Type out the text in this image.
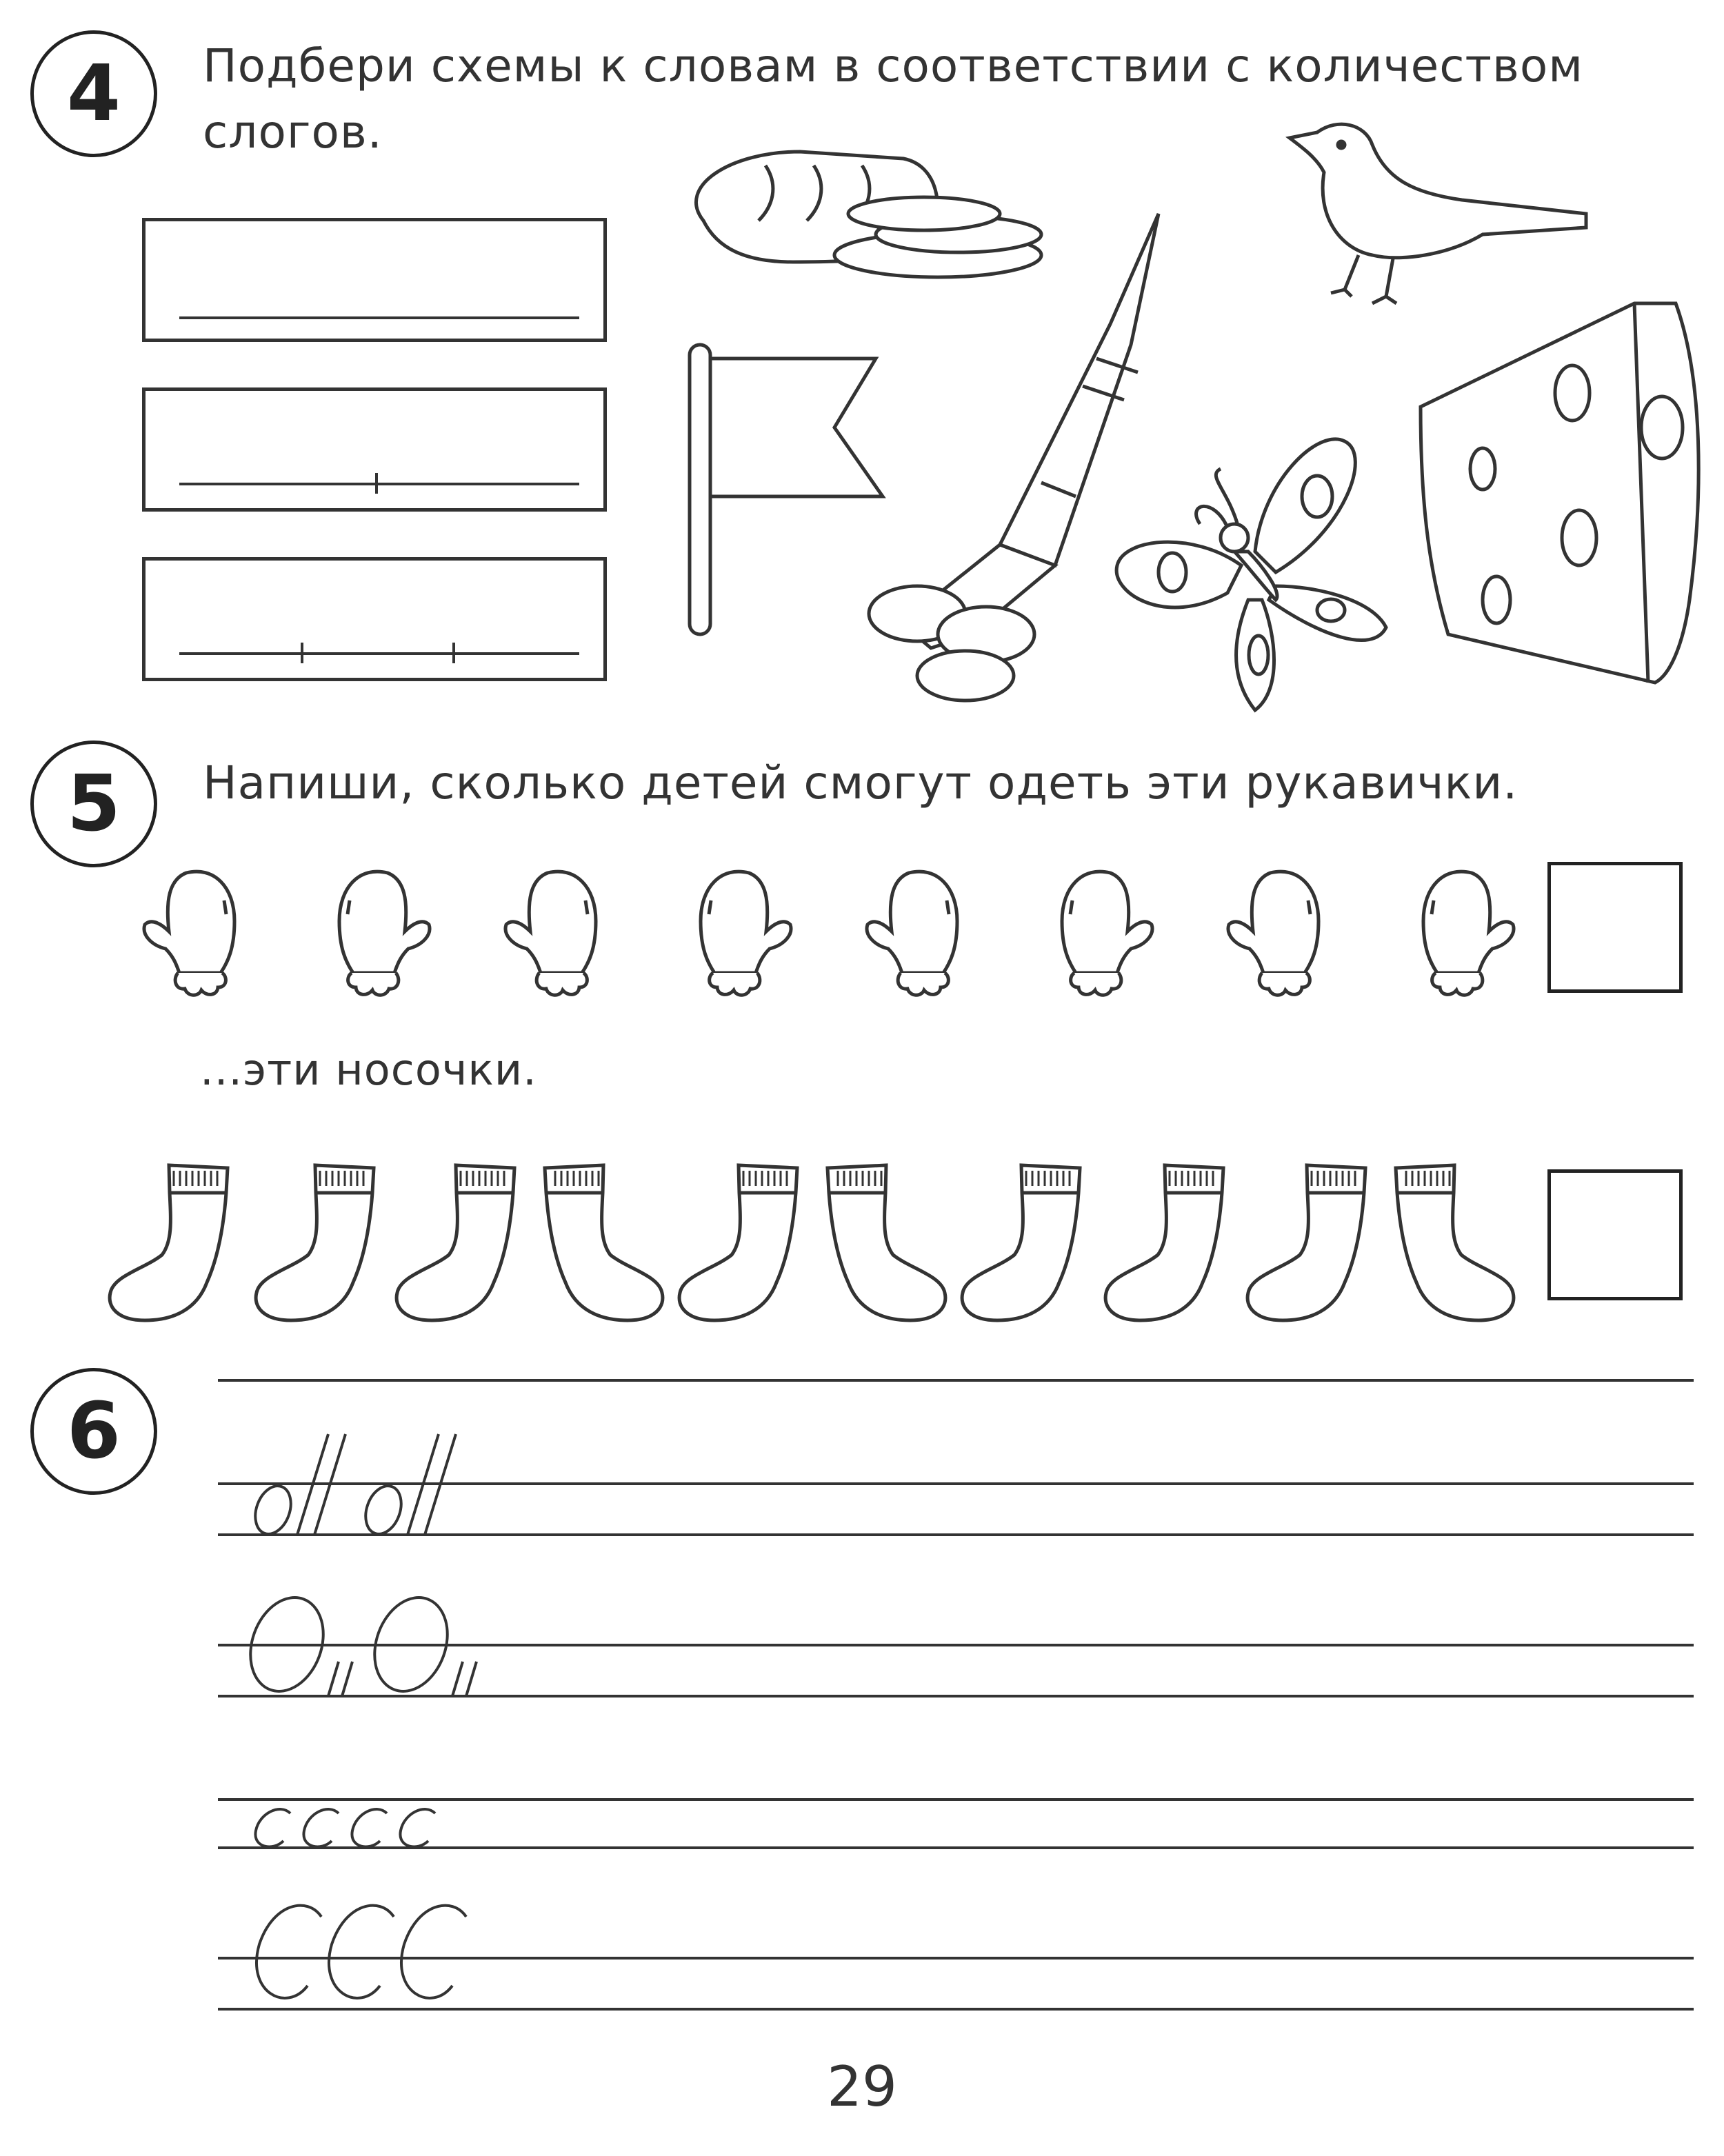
4 Подбери схемы к словам в соответствии с количеством
слогов.
5 Напиши, сколько детей смогут одеть эти рукавички.
...эти носочки.
6
29
